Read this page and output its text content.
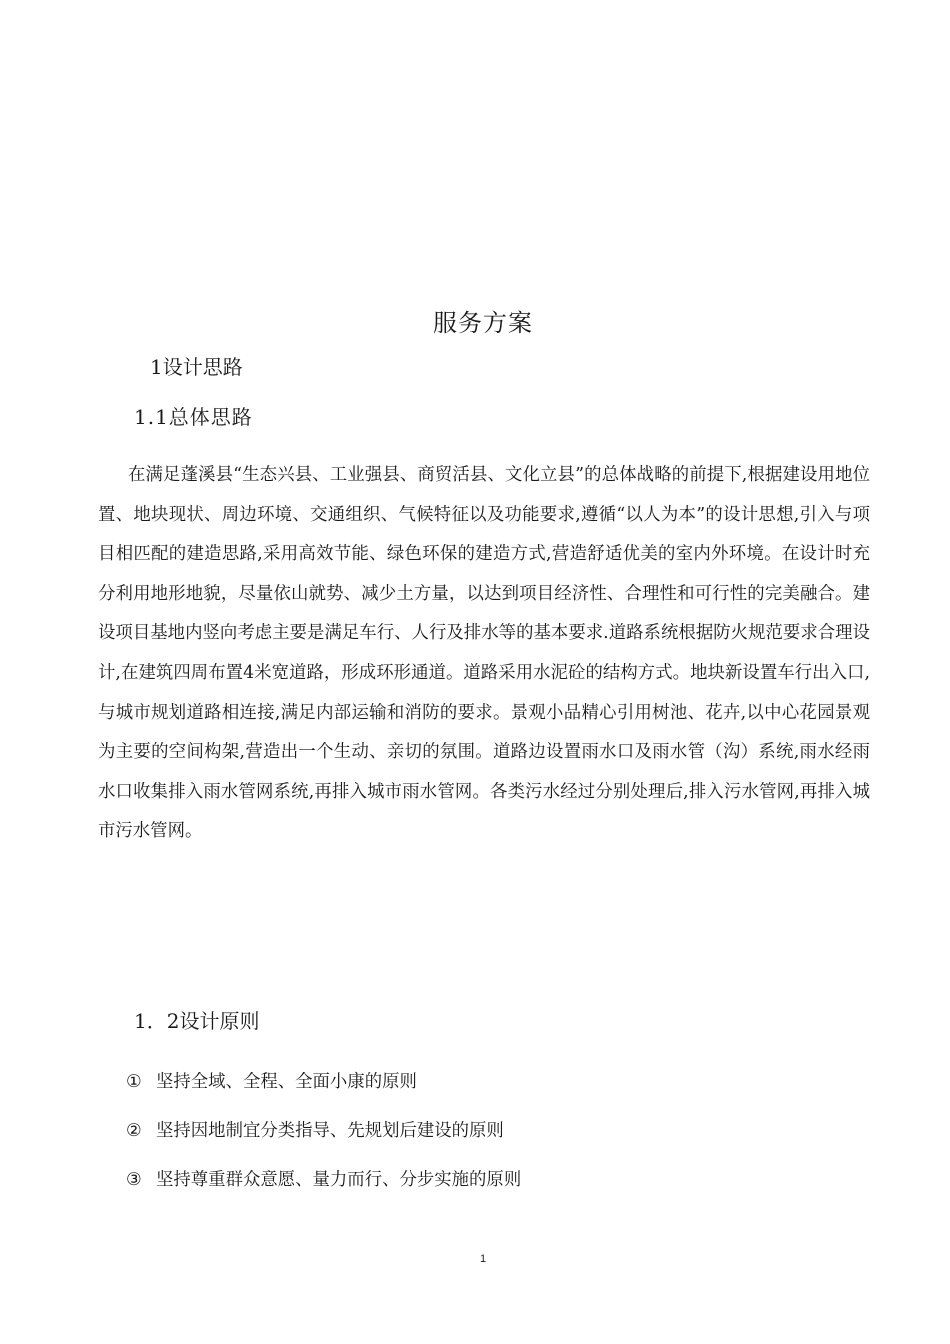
服务方案
1设计思路
1.1总体思路

在满足蓬溪县“生态兴县、工业强县、商贸活县、文化立县”的总体战略的前提下,根据建设用地位置、地块现状、周边环境、交通组织、气候特征以及功能要求,遵循“以人为本”的设计思想,引入与项目相匹配的建造思路,采用高效节能、绿色环保的建造方式,营造舒适优美的室内外环境。在设计时充分利用地形地貌，尽量依山就势、减少土方量，以达到项目经济性、合理性和可行性的完美融合。建设项目基地内竖向考虑主要是满足车行、人行及排水等的基本要求.道路系统根据防火规范要求合理设计,在建筑四周布置4米宽道路，形成环形通道。道路采用水泥砼的结构方式。地块新设置车行出入口,与城市规划道路相连接,满足内部运输和消防的要求。景观小品精心引用树池、花卉,以中心花园景观为主要的空间构架,营造出一个生动、亲切的氛围。道路边设置雨水口及雨水管（沟）系统,雨水经雨水口收集排入雨水管网系统,再排入城市雨水管网。各类污水经过分别处理后,排入污水管网,再排入城市污水管网。

1．2设计原则
① 坚持全域、全程、全面小康的原则
② 坚持因地制宜分类指导、先规划后建设的原则
③ 坚持尊重群众意愿、量力而行、分步实施的原则
1
